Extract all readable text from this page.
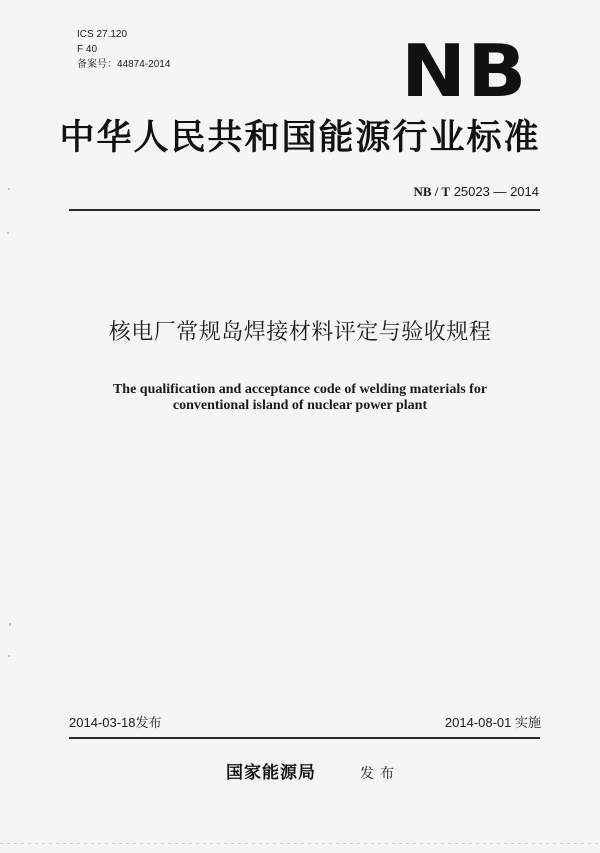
ICS 27.120
F 40
备案号：44874-2014	NB
中华人民共和国能源行业标准
NB / T 25023 — 2014
核电厂常规岛焊接材料评定与验收规程
The qualification and acceptance code of welding materials for
conventional island of nuclear power plant
2014-03-18发布	2014-08-01 实施
国家能源局	发布
